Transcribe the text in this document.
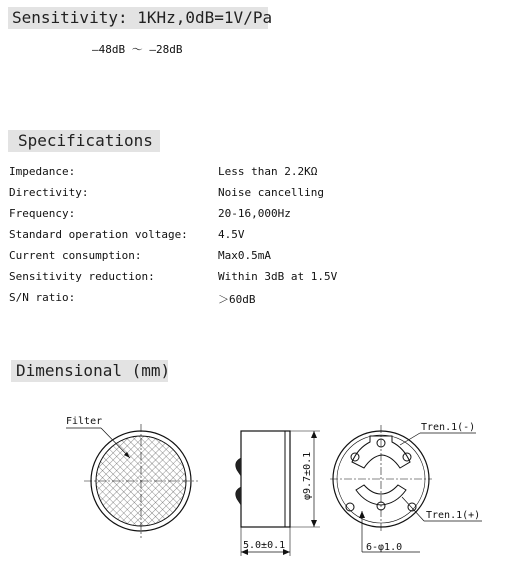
Sensitivity: 1KHz,0dB=1V/Pa
—48dB ～ —28dB
Specifications
Impedance:	Less than 2.2KΩ
Directivity:	Noise cancelling
Frequency:	20-16,000Hz
Standard operation voltage:	4.5V
Current consumption:	Max0.5mA
Sensitivity reduction:	Within 3dB at 1.5V
S/N ratio:	＞60dB
Dimensional (mm)
Filter
φ9.7±0.1
5.0±0.1
Tren.1(-)
Tren.1(+)
6-φ1.0
